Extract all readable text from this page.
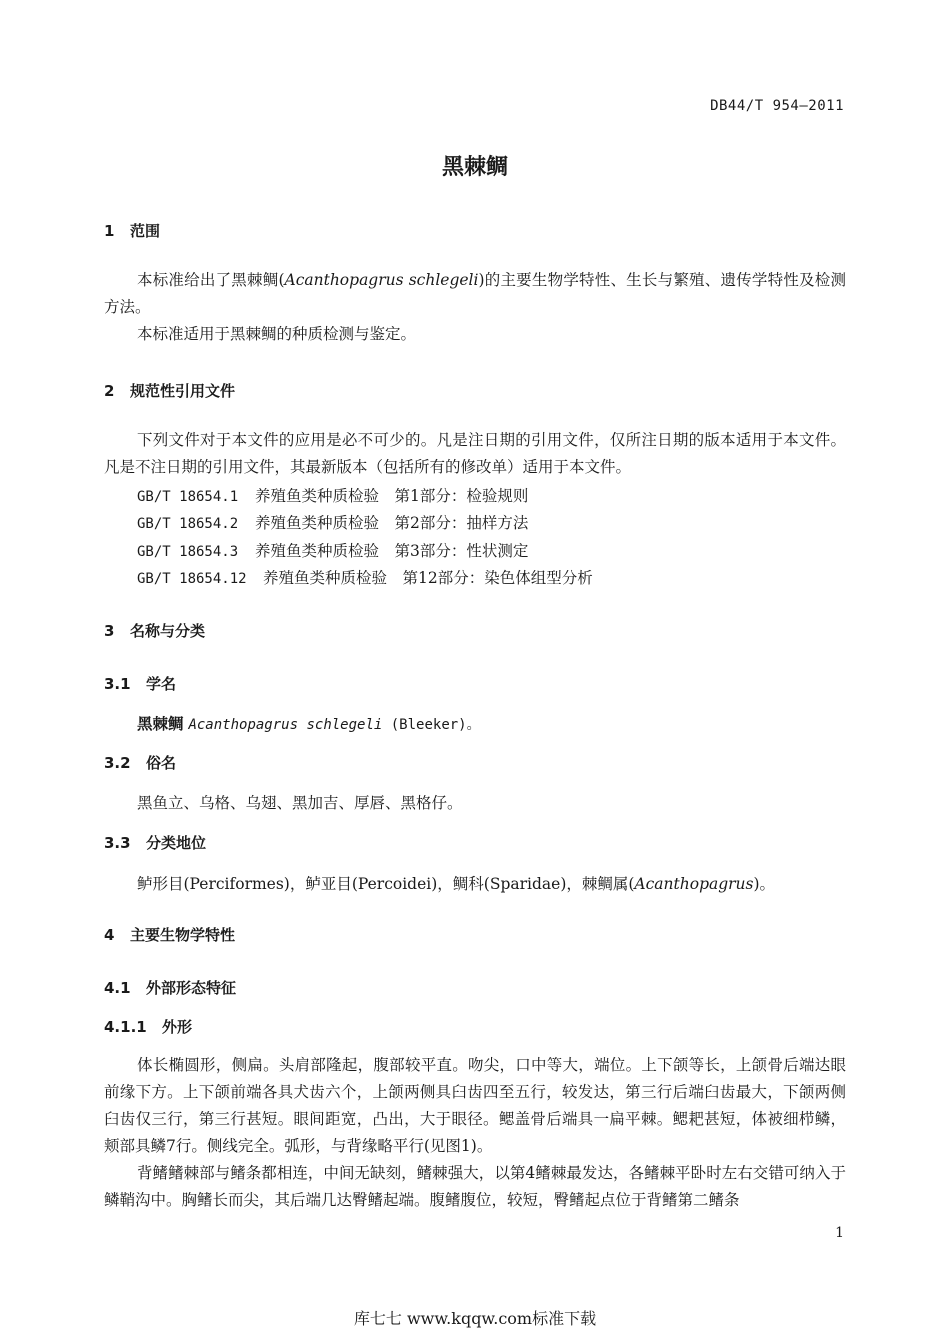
DB44/T 954—2011
黑棘鲷
1 范围

本标准给出了黑棘鲷(Acanthopagrus schlegeli)的主要生物学特性、生长与繁殖、遗传学特性及检测方法。

本标准适用于黑棘鲷的种质检测与鉴定。

2 规范性引用文件

下列文件对于本文件的应用是必不可少的。凡是注日期的引用文件，仅所注日期的版本适用于本文件。凡是不注日期的引用文件，其最新版本（包括所有的修改单）适用于本文件。

GB/T 18654.1 养殖鱼类种质检验　第1部分：检验规则
GB/T 18654.2 养殖鱼类种质检验　第2部分：抽样方法
GB/T 18654.3 养殖鱼类种质检验　第3部分：性状测定
GB/T 18654.12 养殖鱼类种质检验　第12部分：染色体组型分析
3 名称与分类
3.1 学名
黑棘鲷 Acanthopagrus schlegeli (Bleeker)。
3.2 俗名
黑鱼立、乌格、乌翅、黑加吉、厚唇、黑格仔。
3.3 分类地位
鲈形目(Perciformes)，鲈亚目(Percoidei)，鲷科(Sparidae)，棘鲷属(Acanthopagrus)。
4 主要生物学特性
4.1 外部形态特征
4.1.1 外形

体长椭圆形，侧扁。头肩部隆起，腹部较平直。吻尖，口中等大，端位。上下颌等长，上颌骨后端达眼前缘下方。上下颌前端各具犬齿六个，上颌两侧具臼齿四至五行，较发达，第三行后端臼齿最大，下颌两侧臼齿仅三行，第三行甚短。眼间距宽，凸出，大于眼径。鳃盖骨后端具一扁平棘。鳃耙甚短，体被细栉鳞，颊部具鳞7行。侧线完全。弧形，与背缘略平行(见图1)。

背鳍鳍棘部与鳍条都相连，中间无缺刻，鳍棘强大，以第4鳍棘最发达，各鳍棘平卧时左右交错可纳入于鳞鞘沟中。胸鳍长而尖，其后端几达臀鳍起端。腹鳍腹位，较短，臀鳍起点位于背鳍第二鳍条

1
库七七 www.kqqw.com标准下载
